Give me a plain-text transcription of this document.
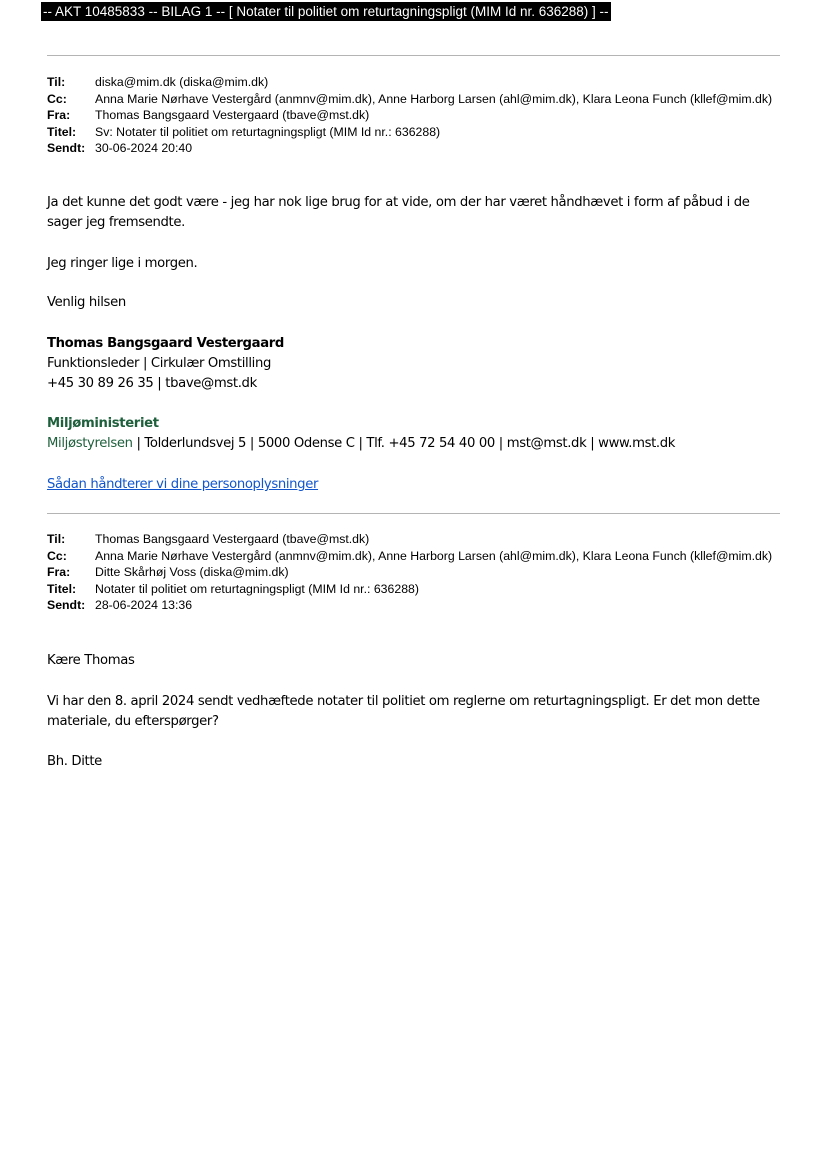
-- AKT 10485833 -- BILAG 1 -- [ Notater til politiet om returtagningspligt (MIM Id nr. 636288) ] --
Til:	diska@mim.dk (diska@mim.dk)
Cc:	Anna Marie Nørhave Vestergård (anmnv@mim.dk), Anne Harborg Larsen (ahl@mim.dk), Klara Leona Funch (kllef@mim.dk)
Fra:	Thomas Bangsgaard Vestergaard (tbave@mst.dk)
Titel:	Sv: Notater til politiet om returtagningspligt (MIM Id nr.: 636288)
Sendt: 30-06-2024 20:40

Ja det kunne det godt være - jeg har nok lige brug for at vide, om der har været håndhævet i form af påbud i de sager jeg fremsendte.

Jeg ringer lige i morgen.

Venlig hilsen

Thomas Bangsgaard Vestergaard

Funktionsleder | Cirkulær Omstilling

+45 30 89 26 35 | tbave@mst.dk

Miljøministeriet

Miljøstyrelsen | Tolderlundsvej 5 | 5000 Odense C | Tlf. +45 72 54 40 00 | mst@mst.dk | www.mst.dk

Sådan håndterer vi dine personoplysninger

Til:	Thomas Bangsgaard Vestergaard (tbave@mst.dk)
Cc:	Anna Marie Nørhave Vestergård (anmnv@mim.dk), Anne Harborg Larsen (ahl@mim.dk), Klara Leona Funch (kllef@mim.dk)
Fra:	Ditte Skårhøj Voss (diska@mim.dk)
Titel:	Notater til politiet om returtagningspligt (MIM Id nr.: 636288)
Sendt: 28-06-2024 13:36

Kære Thomas

Vi har den 8. april 2024 sendt vedhæftede notater til politiet om reglerne om returtagningspligt. Er det mon dette materiale, du efterspørger?

Bh. Ditte
